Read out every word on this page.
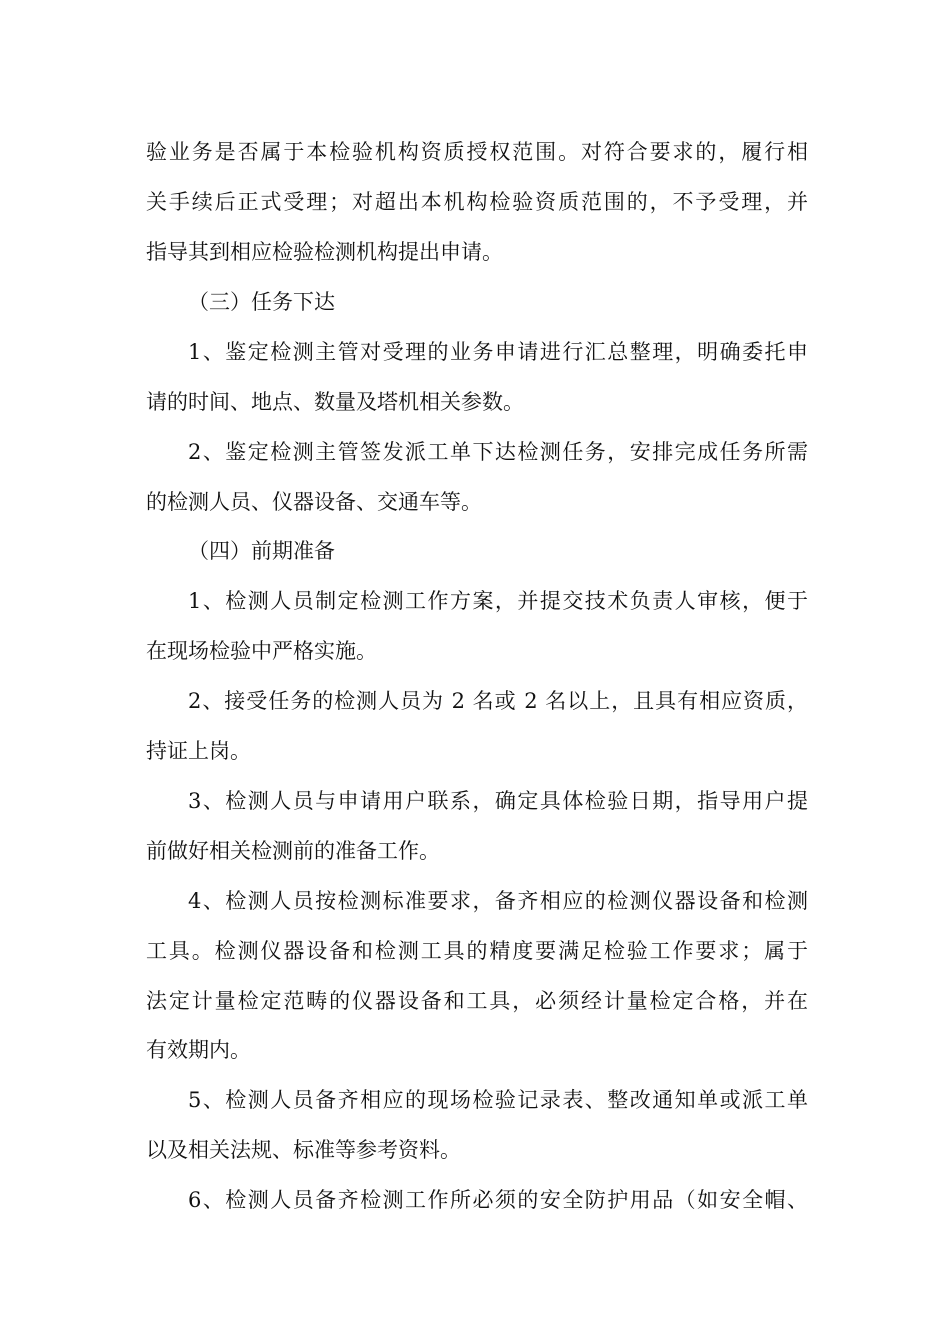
验业务是否属于本检验机构资质授权范围。对符合要求的，履行相
关手续后正式受理；对超出本机构检验资质范围的，不予受理，并
指导其到相应检验检测机构提出申请。
（三）任务下达
1、鉴定检测主管对受理的业务申请进行汇总整理，明确委托申
请的时间、地点、数量及塔机相关参数。
2、鉴定检测主管签发派工单下达检测任务，安排完成任务所需
的检测人员、仪器设备、交通车等。
（四）前期准备
1、检测人员制定检测工作方案，并提交技术负责人审核，便于
在现场检验中严格实施。
2、接受任务的检测人员为 2 名或 2 名以上，且具有相应资质，
持证上岗。
3、检测人员与申请用户联系，确定具体检验日期，指导用户提
前做好相关检测前的准备工作。
4、检测人员按检测标准要求，备齐相应的检测仪器设备和检测
工具。检测仪器设备和检测工具的精度要满足检验工作要求；属于
法定计量检定范畴的仪器设备和工具，必须经计量检定合格，并在
有效期内。
5、检测人员备齐相应的现场检验记录表、整改通知单或派工单
以及相关法规、标准等参考资料。
6、检测人员备齐检测工作所必须的安全防护用品（如安全帽、
